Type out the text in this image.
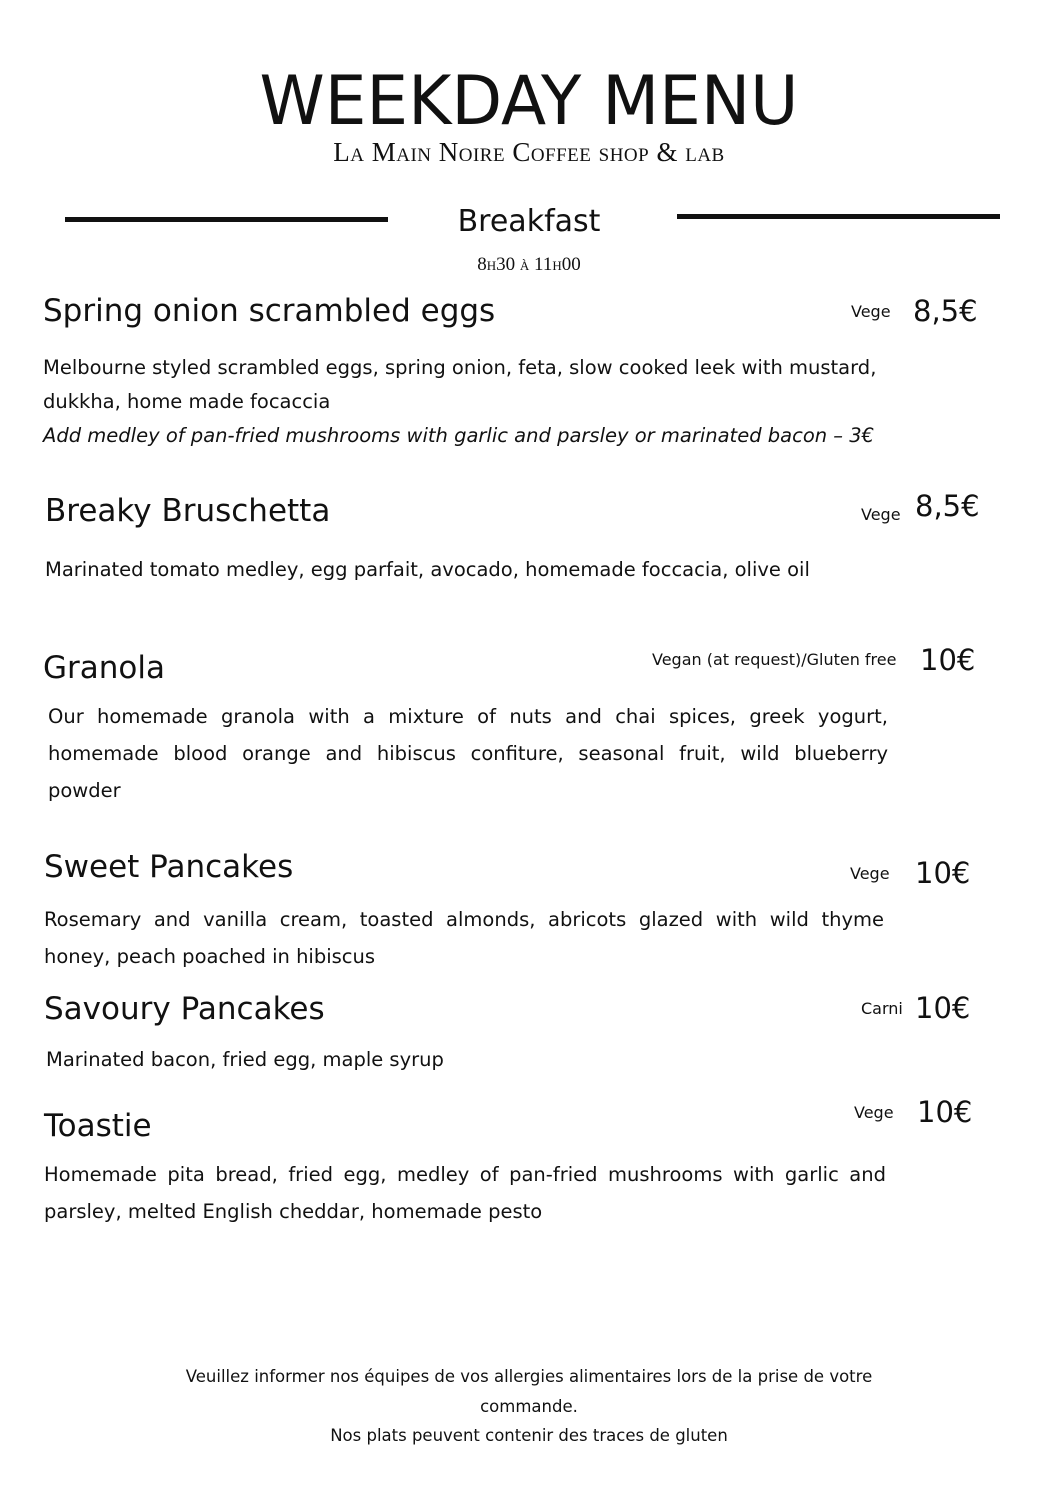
WEEKDAY MENU
La Main Noire Coffee shop & lab
Breakfast
8h30 à 11h00
Spring onion scrambled eggs	Vege 8,5€

Melbourne styled scrambled eggs, spring onion, feta, slow cooked leek with mustard, dukkha, home made focaccia

Add medley of pan-fried mushrooms with garlic and parsley or marinated bacon – 3€
Breaky Bruschetta	Vege 8,5€

Marinated tomato medley, egg parfait, avocado, homemade foccacia, olive oil

Granola	Vegan (at request)/Gluten free 10€

Our homemade granola with a mixture of nuts and chai spices, greek yogurt, homemade blood orange and hibiscus confiture, seasonal fruit, wild blueberry powder

Sweet Pancakes	Vege 10€

Rosemary and vanilla cream, toasted almonds, abricots glazed with wild thyme honey, peach poached in hibiscus

Savoury Pancakes	Carni 10€

Marinated bacon, fried egg, maple syrup

Toastie	Vege 10€

Homemade pita bread, fried egg, medley of pan-fried mushrooms with garlic and parsley, melted English cheddar, homemade pesto

Veuillez informer nos équipes de vos allergies alimentaires lors de la prise de votre commande.
Nos plats peuvent contenir des traces de gluten
